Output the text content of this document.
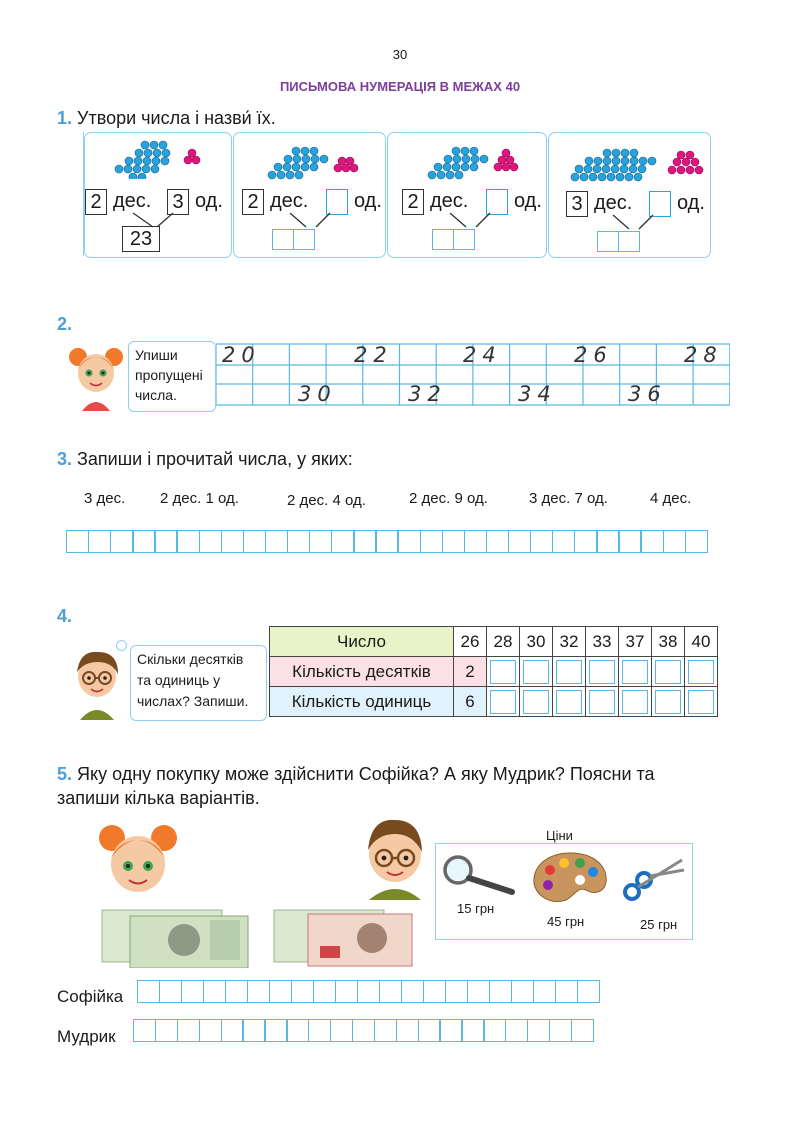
30
ПИСЬМОВА НУМЕРАЦІЯ В МЕЖАХ 40
1. Утвори числа і назви́ їх.
2 дес. 3 од.
23
2 дес. од. 2 дес. од. 3 дес. од.
2.
Упиши
пропущені
числа.
20	22	24	26	28
30	32	34	36
3. Запиши і прочитай числа, у яких:
3 дес. 2 дес. 1 од.	2 дес. 4 од.	2 дес. 9 од.	3 дес. 7 од.	4 дес.
4.
Скільки десятків
та одиниць у
числах? Запиши.
Число	26	28	30	32	33	37	38	40
Кількість десятків	2	

Кількість одиниць	6	

5. Яку одну покупку може здійснити Софійка? А яку Мудрик? Поясни та
запиши кілька варіантів.
Ціни
15 грн
45 грн	25 грн
Софійка
Мудрик
